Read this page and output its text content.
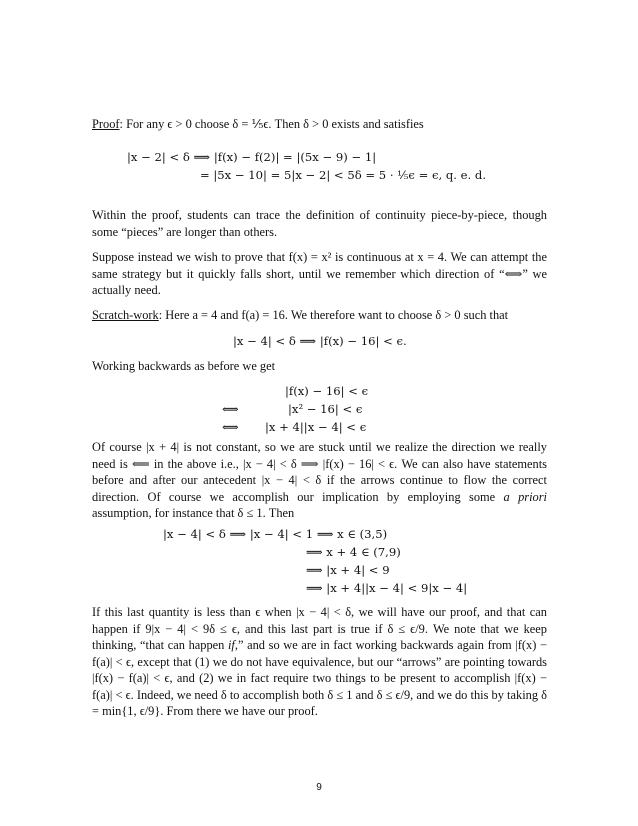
Proof: For any ϵ > 0 choose δ = ⅕ϵ. Then δ > 0 exists and satisfies
|x − 2| < δ ⟹ |f(x) − f(2)| = |(5x − 9) − 1|
= |5x − 10| = 5|x − 2| < 5δ = 5 · ⅕ϵ = ϵ, q. e. d.

Within the proof, students can trace the definition of continuity piece-by-piece, though some “pieces” are longer than others.

Suppose instead we wish to prove that f(x) = x² is continuous at x = 4. We can attempt the same strategy but it quickly falls short, until we remember which direction of “⟺” we actually need.

Scratch-work: Here a = 4 and f(a) = 16. We therefore want to choose δ > 0 such that
|x − 4| < δ ⟹ |f(x) − 16| < ϵ.
Working backwards as before we get
|f(x) − 16| < ϵ
⟺	|x² − 16| < ϵ
⟺ |x + 4||x − 4| < ϵ

Of course |x + 4| is not constant, so we are stuck until we realize the direction we really need is ⟸ in the above i.e., |x − 4| < δ ⟹ |f(x) − 16| < ϵ. We can also have statements before and after our antecedent |x − 4| < δ if the arrows continue to flow the correct direction. Of course we accomplish our implication by employing some a priori assumption, for instance that δ ≤ 1. Then

|x − 4| < δ ⟹ |x − 4| < 1 ⟹ x ∈ (3,5)
⟹ x + 4 ∈ (7,9)
⟹ |x + 4| < 9
⟹ |x + 4||x − 4| < 9|x − 4|

If this last quantity is less than ϵ when |x − 4| < δ, we will have our proof, and that can happen if 9|x − 4| < 9δ ≤ ϵ, and this last part is true if δ ≤ ϵ/9. We note that we keep thinking, “that can happen if,” and so we are in fact working backwards again from |f(x) − f(a)| < ϵ, except that (1) we do not have equivalence, but our “arrows” are pointing towards |f(x) − f(a)| < ϵ, and (2) we in fact require two things to be present to accomplish |f(x) − f(a)| < ϵ. Indeed, we need δ to accomplish both δ ≤ 1 and δ ≤ ϵ/9, and we do this by taking δ = min{1, ϵ/9}. From there we have our proof.

9
